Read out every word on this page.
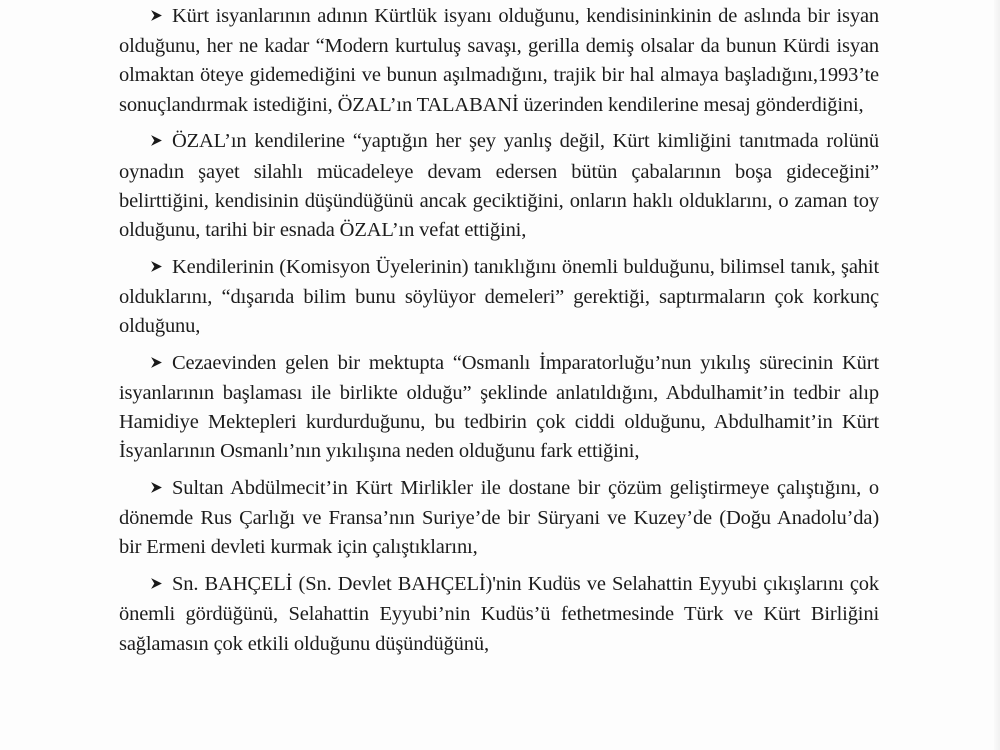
Kürt isyanlarının adının Kürtlük isyanı olduğunu, kendisininkinin de aslında bir isyan olduğunu, her ne kadar “Modern kurtuluş savaşı, gerilla demiş olsalar da bunun Kürdi isyan olmaktan öteye gidemediğini ve bunun aşılmadığını, trajik bir hal almaya başladığını,1993’te sonuçlandırmak istediğini, ÖZAL’ın TALABANİ üzerinden kendilerine mesaj gönderdiğini,

ÖZAL’ın kendilerine “yaptığın her şey yanlış değil, Kürt kimliğini tanıtmada rolünü oynadın şayet silahlı mücadeleye devam edersen bütün çabalarının boşa gideceğini” belirttiğini, kendisinin düşündüğünü ancak geciktiğini, onların haklı olduklarını, o zaman toy olduğunu, tarihi bir esnada ÖZAL’ın vefat ettiğini,

Kendilerinin (Komisyon Üyelerinin) tanıklığını önemli bulduğunu, bilimsel tanık, şahit olduklarını, “dışarıda bilim bunu söylüyor demeleri” gerektiği, saptırmaların çok korkunç olduğunu,

Cezaevinden gelen bir mektupta “Osmanlı İmparatorluğu’nun yıkılış sürecinin Kürt isyanlarının başlaması ile birlikte olduğu” şeklinde anlatıldığını, Abdulhamit’in tedbir alıp Hamidiye Mektepleri kurdurduğunu, bu tedbirin çok ciddi olduğunu, Abdulhamit’in Kürt İsyanlarının Osmanlı’nın yıkılışına neden olduğunu fark ettiğini,

Sultan Abdülmecit’in Kürt Mirlikler ile dostane bir çözüm geliştirmeye çalıştığını, o dönemde Rus Çarlığı ve Fransa’nın Suriye’de bir Süryani ve Kuzey’de (Doğu Anadolu’da) bir Ermeni devleti kurmak için çalıştıklarını,

Sn. BAHÇELİ (Sn. Devlet BAHÇELİ)'nin Kudüs ve Selahattin Eyyubi çıkışlarını çok önemli gördüğünü, Selahattin Eyyubi’nin Kudüs’ü fethetmesinde Türk ve Kürt Birliğini sağlamasın çok etkili olduğunu düşündüğünü,
